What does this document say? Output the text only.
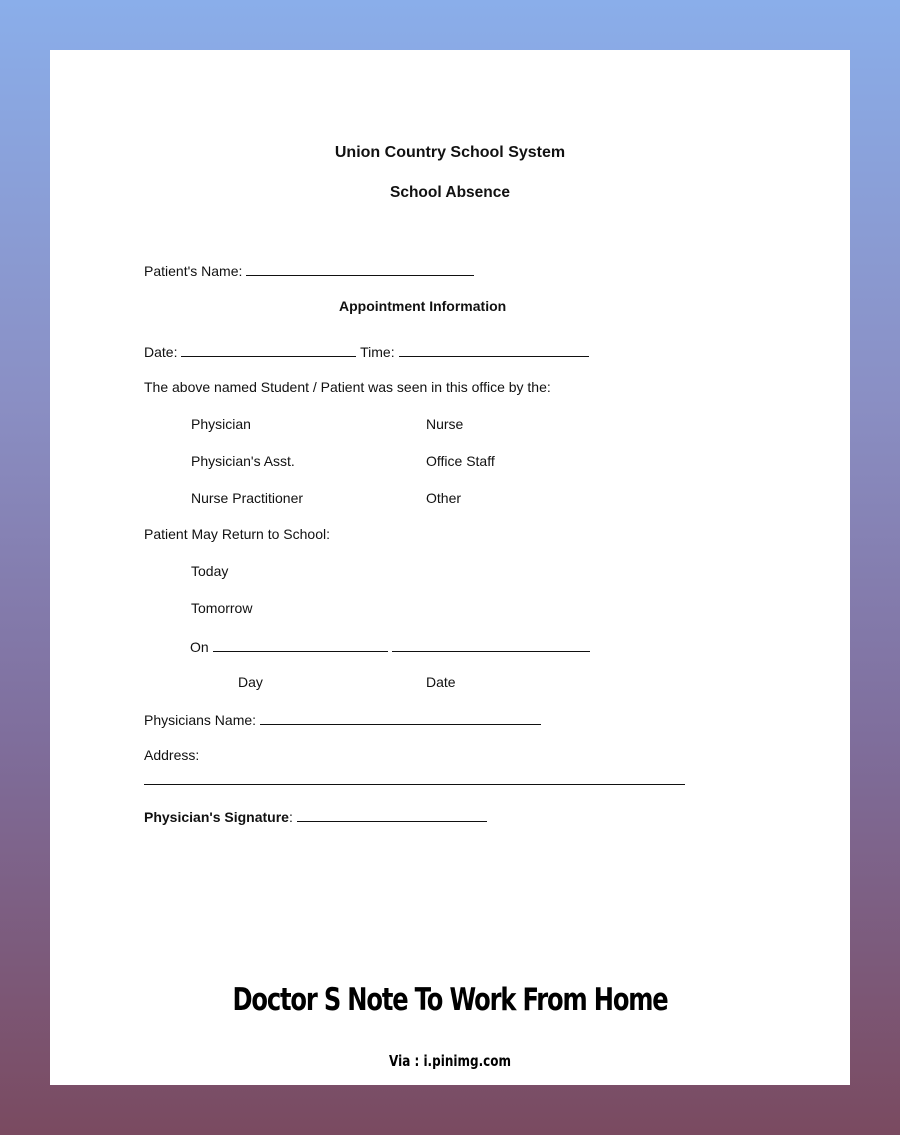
Union Country School System
School Absence
Patient's Name:
Appointment Information
Date:	Time:
The above named Student / Patient was seen in this office by the:
Physician	Nurse
Physician's Asst.	Office Staff
Nurse Practitioner	Other
Patient May Return to School:
Today
Tomorrow
On
Day	Date
Physicians Name:
Address:
Physician's Signature:
Doctor S Note To Work From Home
Via : i.pinimg.com
